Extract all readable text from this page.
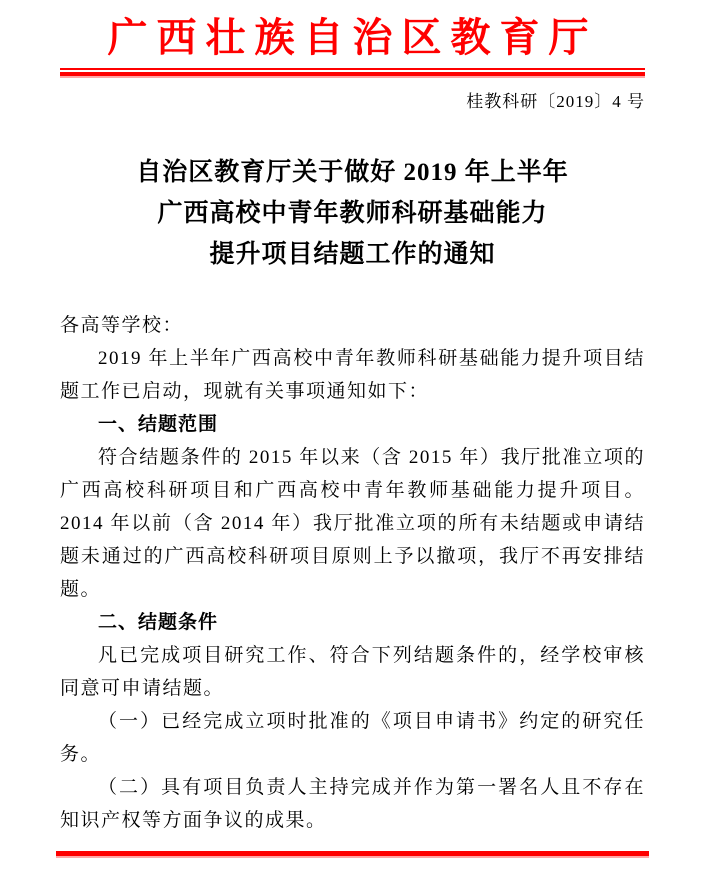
广西壮族自治区教育厅
桂教科研〔2019〕4 号
自治区教育厅关于做好 2019 年上半年
广西高校中青年教师科研基础能力
提升项目结题工作的通知

各高等学校：

2019 年上半年广西高校中青年教师科研基础能力提升项目结题工作已启动，现就有关事项通知如下：

一、结题范围

符合结题条件的 2015 年以来（含 2015 年）我厅批准立项的广西高校科研项目和广西高校中青年教师基础能力提升项目。2014 年以前（含 2014 年）我厅批准立项的所有未结题或申请结题未通过的广西高校科研项目原则上予以撤项，我厅不再安排结题。

二、结题条件

凡已完成项目研究工作、符合下列结题条件的，经学校审核同意可申请结题。

（一）已经完成立项时批准的《项目申请书》约定的研究任务。

（二）具有项目负责人主持完成并作为第一署名人且不存在知识产权等方面争议的成果。
